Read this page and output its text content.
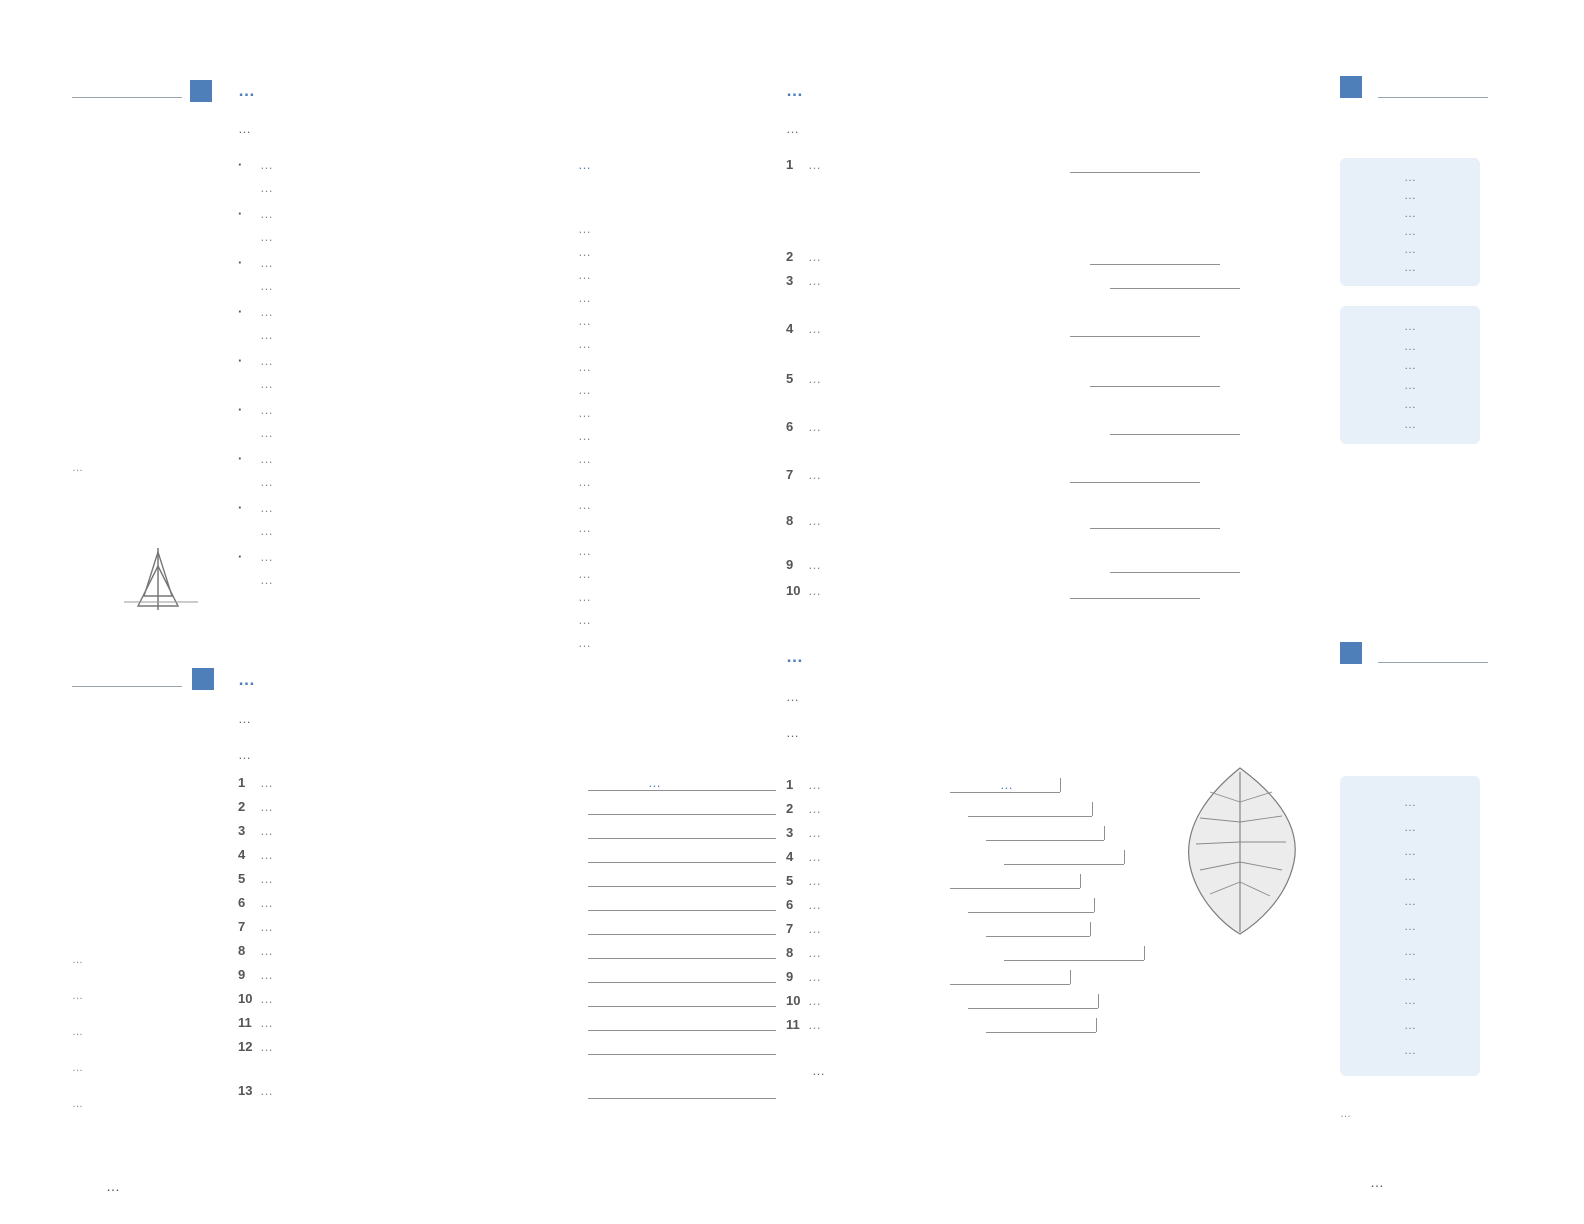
…
…
·	…
…
·	…
…
·	…
…
·	…
…
·	…
…
·	…
…
·	…
…
·	…
…
·	…
…
…
…
…
…
…
…
…
…
…
…
…
…
…
…
…
…
…
…
…
…
…
…
…
…
1	…
2	…
3	…
4	…
5	…
6	…
7	…
8	…
9	…
10 …
11 …
12 …
13 …
…
…
…
…
…
…
…
…
…
1	…
2	…
3	…
4	…
5	…
6	…
7	…
8	…
9	…
10 …
…
…
…
…
…
…
…
…
…
…
…
…
…
…
…
1	…
2	…
3	…
4	…
5	…
6	…
7	…
8	…
9	…
10 …
11 …
…
…
…
…
…
…
…
…
…
…
…
…
…
…
…
